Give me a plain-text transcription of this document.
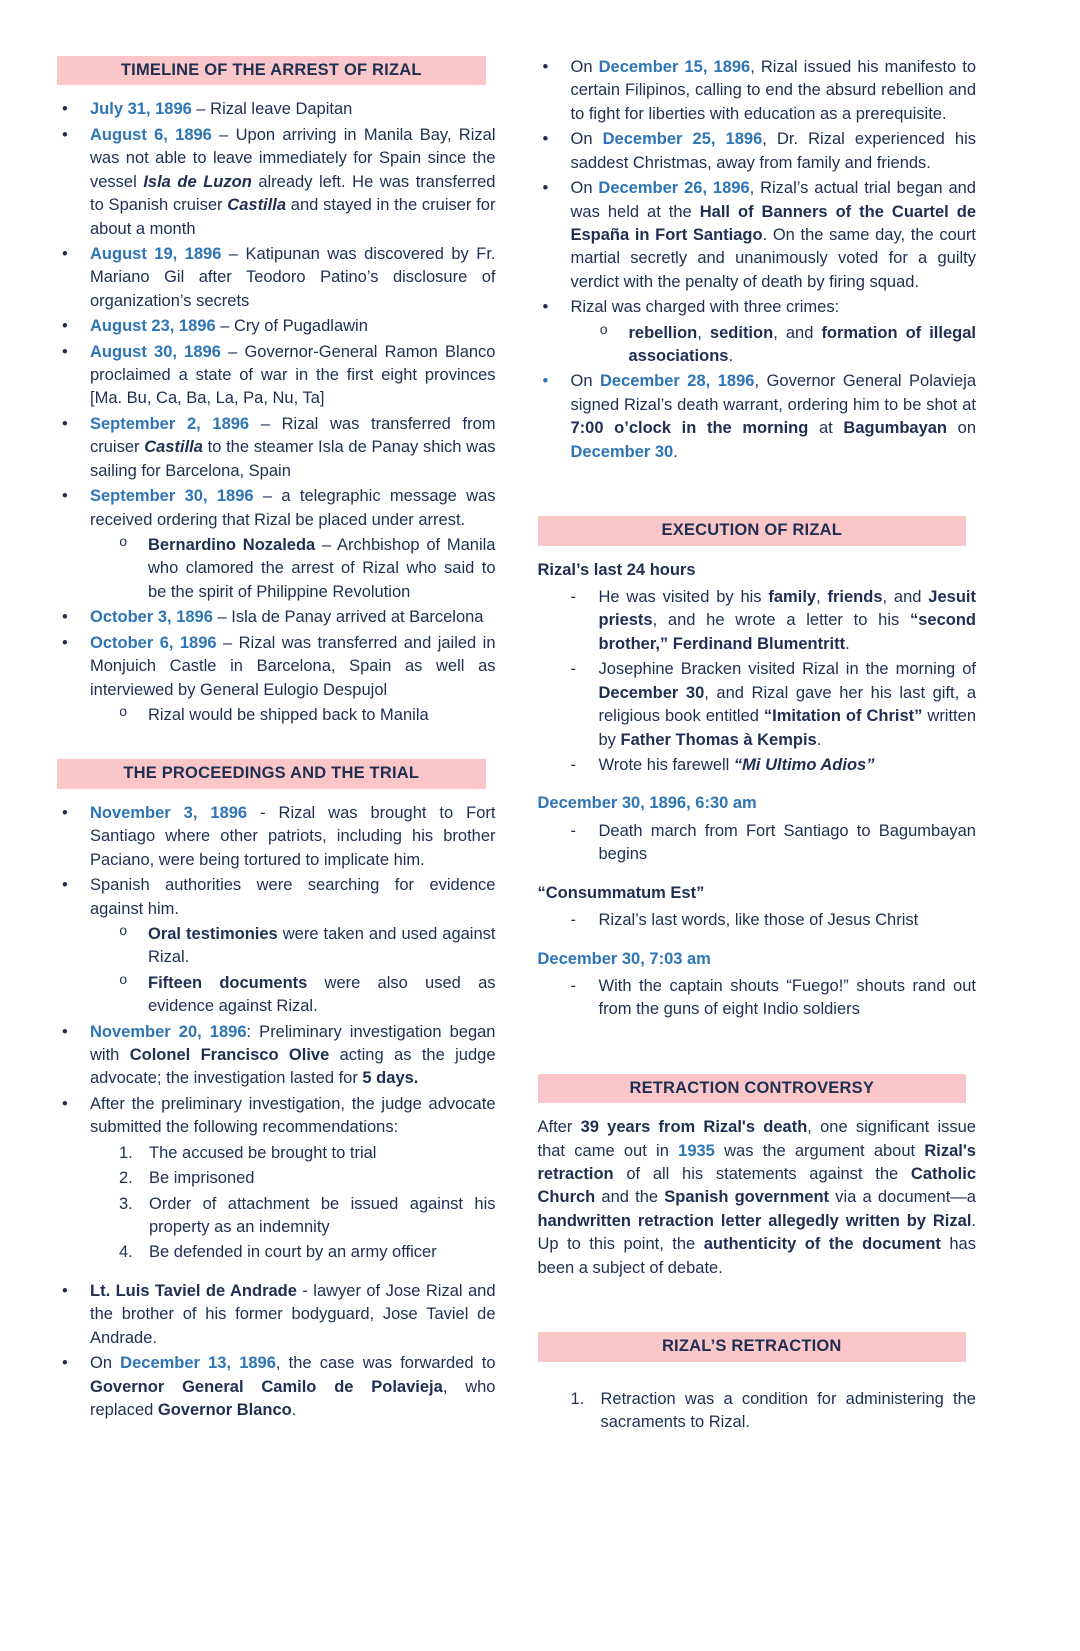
TIMELINE OF THE ARREST OF RIZAL
•	July 31, 1896 – Rizal leave Dapitan
•	August 6, 1896 – Upon arriving in Manila Bay, Rizal was not able to leave immediately for Spain since the vessel Isla de Luzon already left. He was transferred to Spanish cruiser Castilla and stayed in the cruiser for about a month
•	August 19, 1896 – Katipunan was discovered by Fr. Mariano Gil after Teodoro Patino’s disclosure of organization’s secrets
•	August 23, 1896 – Cry of Pugadlawin
•	August 30, 1896 – Governor-General Ramon Blanco proclaimed a state of war in the first eight provinces [Ma. Bu, Ca, Ba, La, Pa, Nu, Ta]
•	September 2, 1896 – Rizal was transferred from cruiser Castilla to the steamer Isla de Panay shich was sailing for Barcelona, Spain
•	September 30, 1896 – a telegraphic message was received ordering that Rizal be placed under arrest.
o	Bernardino Nozaleda – Archbishop of Manila who clamored the arrest of Rizal who said to be the spirit of Philippine Revolution
•	October 3, 1896 – Isla de Panay arrived at Barcelona
•	October 6, 1896 – Rizal was transferred and jailed in Monjuich Castle in Barcelona, Spain as well as interviewed by General Eulogio Despujol
o	Rizal would be shipped back to Manila
THE PROCEEDINGS AND THE TRIAL
•	November 3, 1896 - Rizal was brought to Fort Santiago where other patriots, including his brother Paciano, were being tortured to implicate him.
•	Spanish authorities were searching for evidence against him.
o	Oral testimonies were taken and used against Rizal.
o	Fifteen documents were also used as evidence against Rizal.
•	November 20, 1896: Preliminary investigation began with Colonel Francisco Olive acting as the judge advocate; the investigation lasted for 5 days.
•	After the preliminary investigation, the judge advocate submitted the following recommendations:
1. The accused be brought to trial
2. Be imprisoned
3. Order of attachment be issued against his property as an indemnity
4. Be defended in court by an army officer
•	Lt. Luis Taviel de Andrade - lawyer of Jose Rizal and the brother of his former bodyguard, Jose Taviel de Andrade.
•	On December 13, 1896, the case was forwarded to Governor General Camilo de Polavieja, who replaced Governor Blanco.
•	On December 15, 1896, Rizal issued his manifesto to certain Filipinos, calling to end the absurd rebellion and to fight for liberties with education as a prerequisite.
•	On December 25, 1896, Dr. Rizal experienced his saddest Christmas, away from family and friends.
•	On December 26, 1896, Rizal’s actual trial began and was held at the Hall of Banners of the Cuartel de España in Fort Santiago. On the same day, the court martial secretly and unanimously voted for a guilty verdict with the penalty of death by firing squad.
•	Rizal was charged with three crimes:
o	rebellion, sedition, and formation of illegal associations.
•	On December 28, 1896, Governor General Polavieja signed Rizal’s death warrant, ordering him to be shot at 7:00 o’clock in the morning at Bagumbayan on December 30.
EXECUTION OF RIZAL
Rizal’s last 24 hours
-	He was visited by his family, friends, and Jesuit priests, and he wrote a letter to his “second brother,” Ferdinand Blumentritt.
-	Josephine Bracken visited Rizal in the morning of December 30, and Rizal gave her his last gift, a religious book entitled “Imitation of Christ” written by Father Thomas à Kempis.
-	Wrote his farewell “Mi Ultimo Adios”
December 30, 1896, 6:30 am
-	Death march from Fort Santiago to Bagumbayan begins
“Consummatum Est”
-	Rizal’s last words, like those of Jesus Christ
December 30, 7:03 am
-	With the captain shouts “Fuego!” shouts rand out from the guns of eight Indio soldiers
RETRACTION CONTROVERSY
After 39 years from Rizal's death, one significant issue that came out in 1935 was the argument about Rizal's retraction of all his statements against the Catholic Church and the Spanish government via a document—a handwritten retraction letter allegedly written by Rizal. Up to this point, the authenticity of the document has been a subject of debate.
RIZAL’S RETRACTION
1. Retraction was a condition for administering the sacraments to Rizal.
